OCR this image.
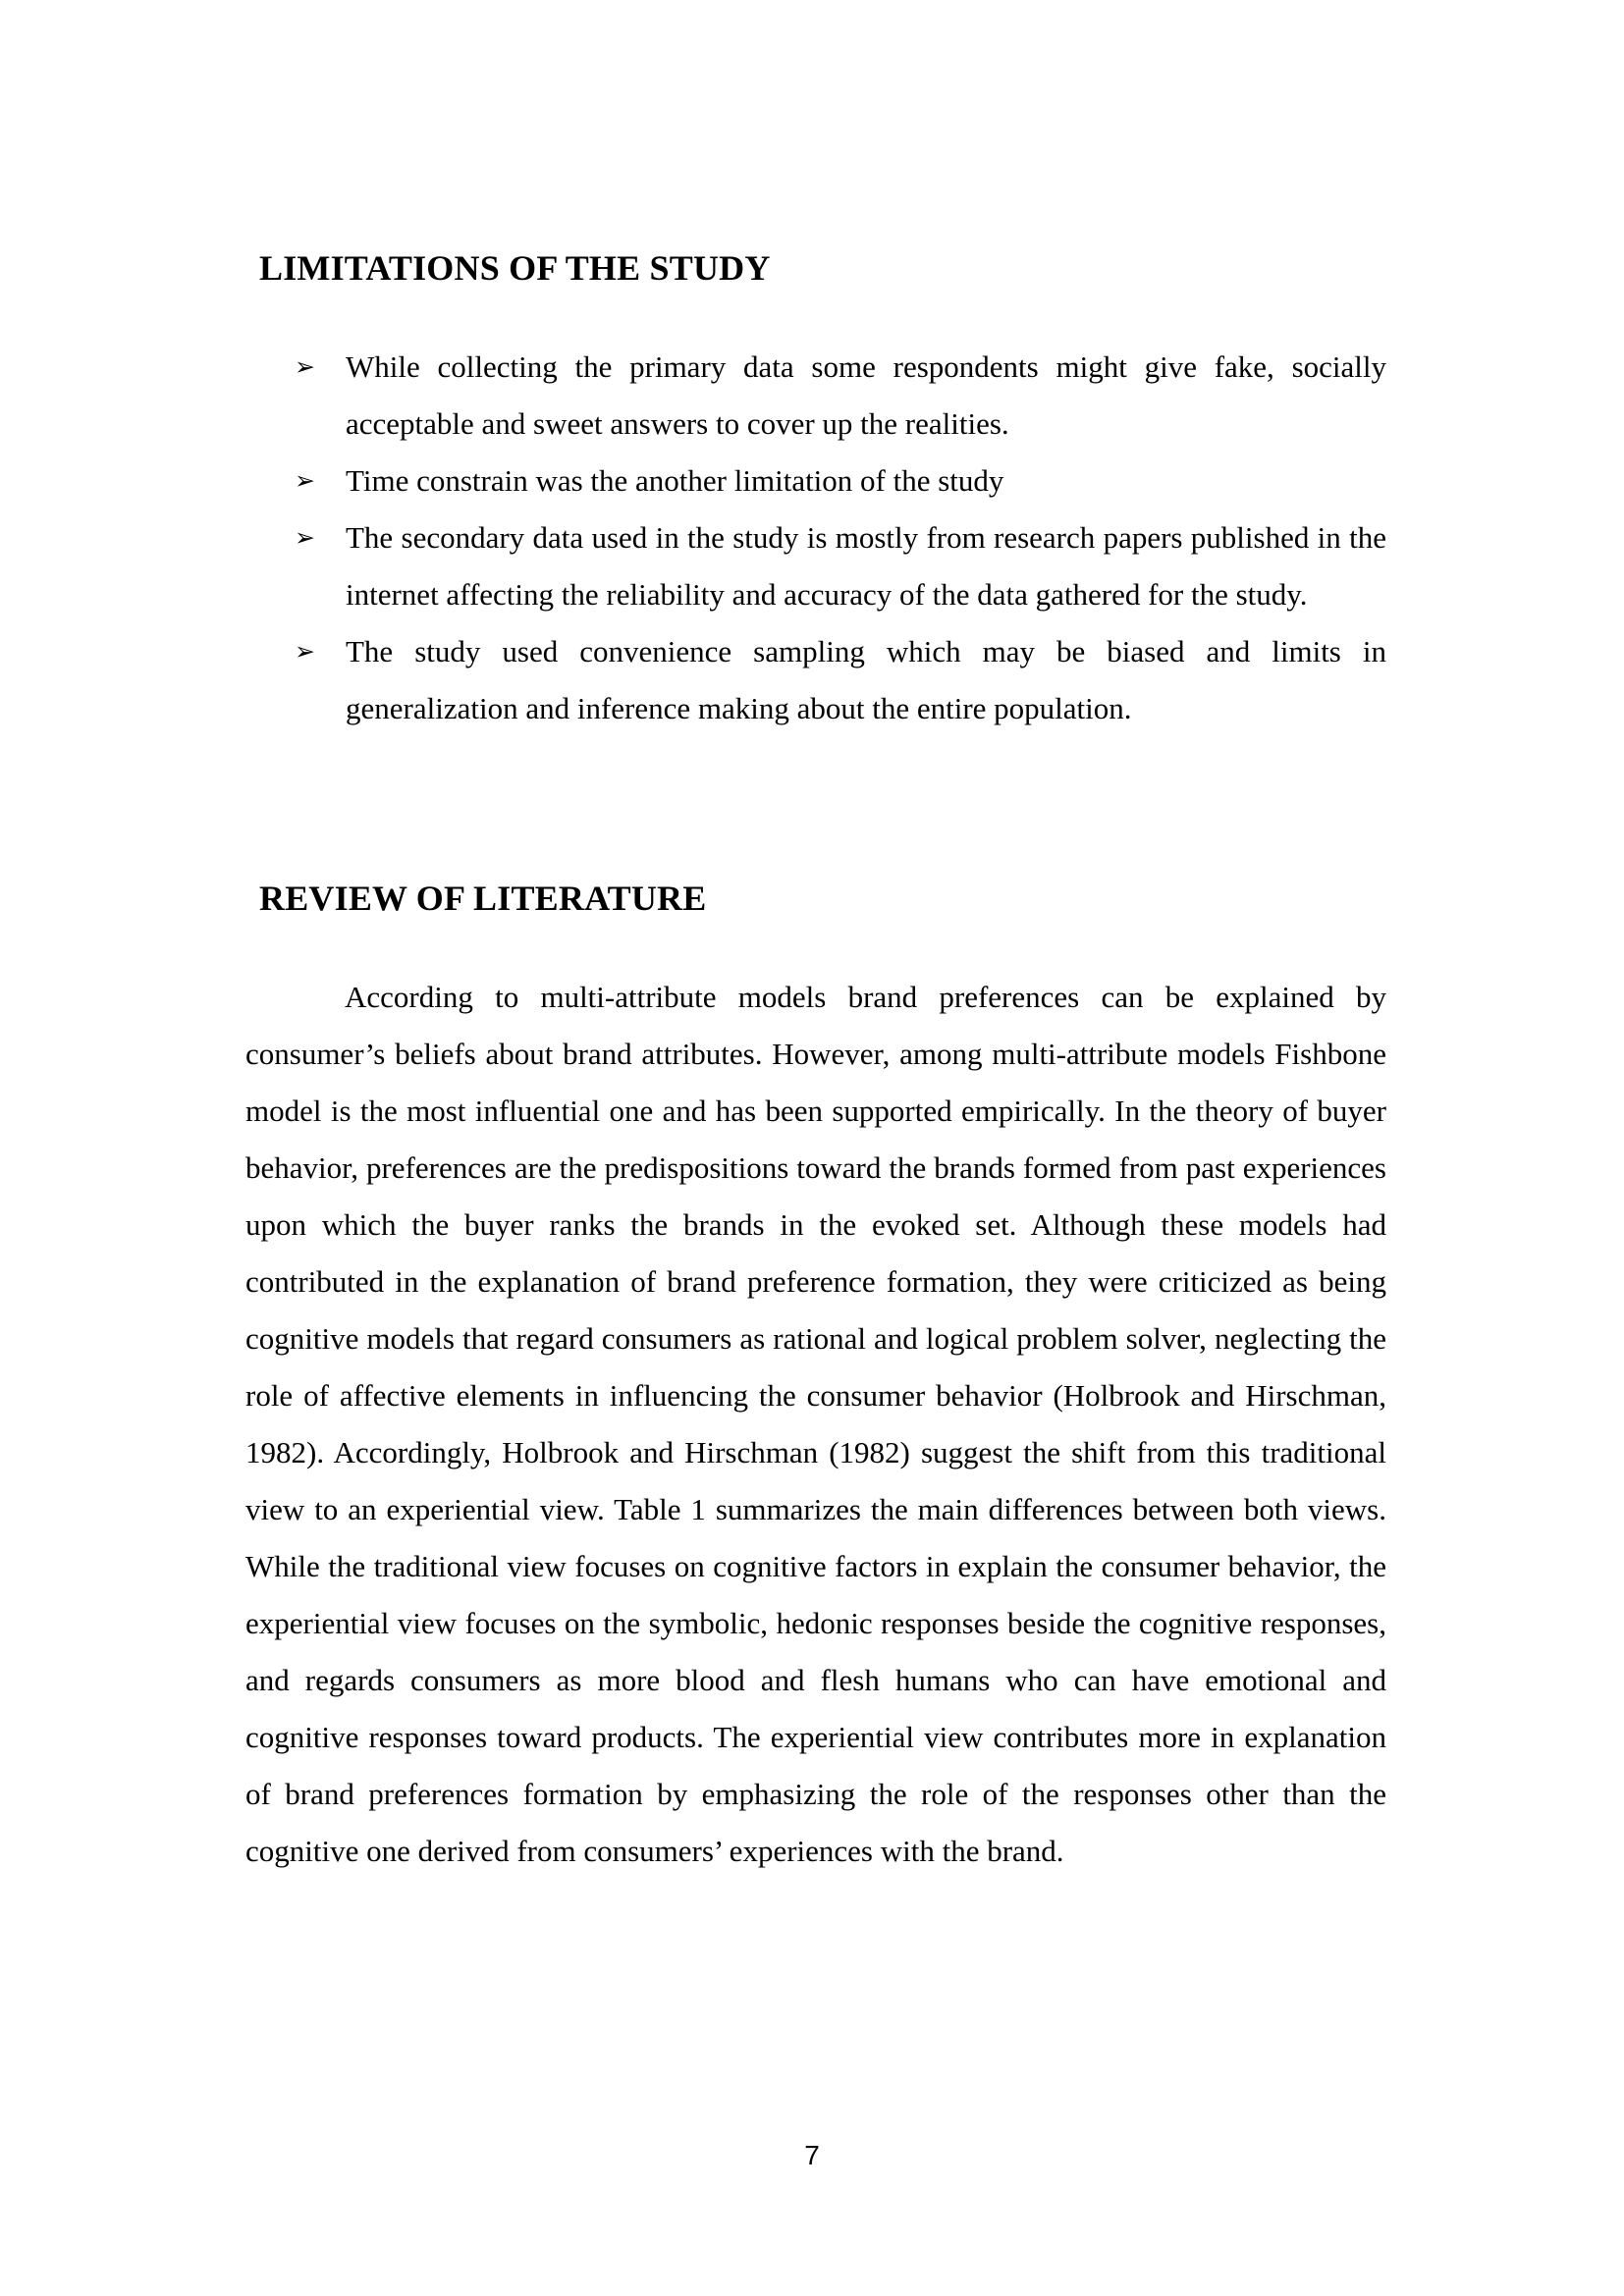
LIMITATIONS OF THE STUDY
➢ While collecting the primary data some respondents might give fake, socially acceptable and sweet answers to cover up the realities.
➢ Time constrain was the another limitation of the study
➢ The secondary data used in the study is mostly from research papers published in the internet affecting the reliability and accuracy of the data gathered for the study.
➢ The study used convenience sampling which may be biased and limits in generalization and inference making about the entire population.
REVIEW OF LITERATURE

According to multi-attribute models brand preferences can be explained by consumer’s beliefs about brand attributes. However, among multi-attribute models Fishbone model is the most influential one and has been supported empirically. In the theory of buyer behavior, preferences are the predispositions toward the brands formed from past experiences upon which the buyer ranks the brands in the evoked set. Although these models had contributed in the explanation of brand preference formation, they were criticized as being cognitive models that regard consumers as rational and logical problem solver, neglecting the role of affective elements in influencing the consumer behavior (Holbrook and Hirschman, 1982). Accordingly, Holbrook and Hirschman (1982) suggest the shift from this traditional view to an experiential view. Table 1 summarizes the main differences between both views. While the traditional view focuses on cognitive factors in explain the consumer behavior, the experiential view focuses on the symbolic, hedonic responses beside the cognitive responses, and regards consumers as more blood and flesh humans who can have emotional and cognitive responses toward products. The experiential view contributes more in explanation of brand preferences formation by emphasizing the role of the responses other than the cognitive one derived from consumers’ experiences with the brand.

7
